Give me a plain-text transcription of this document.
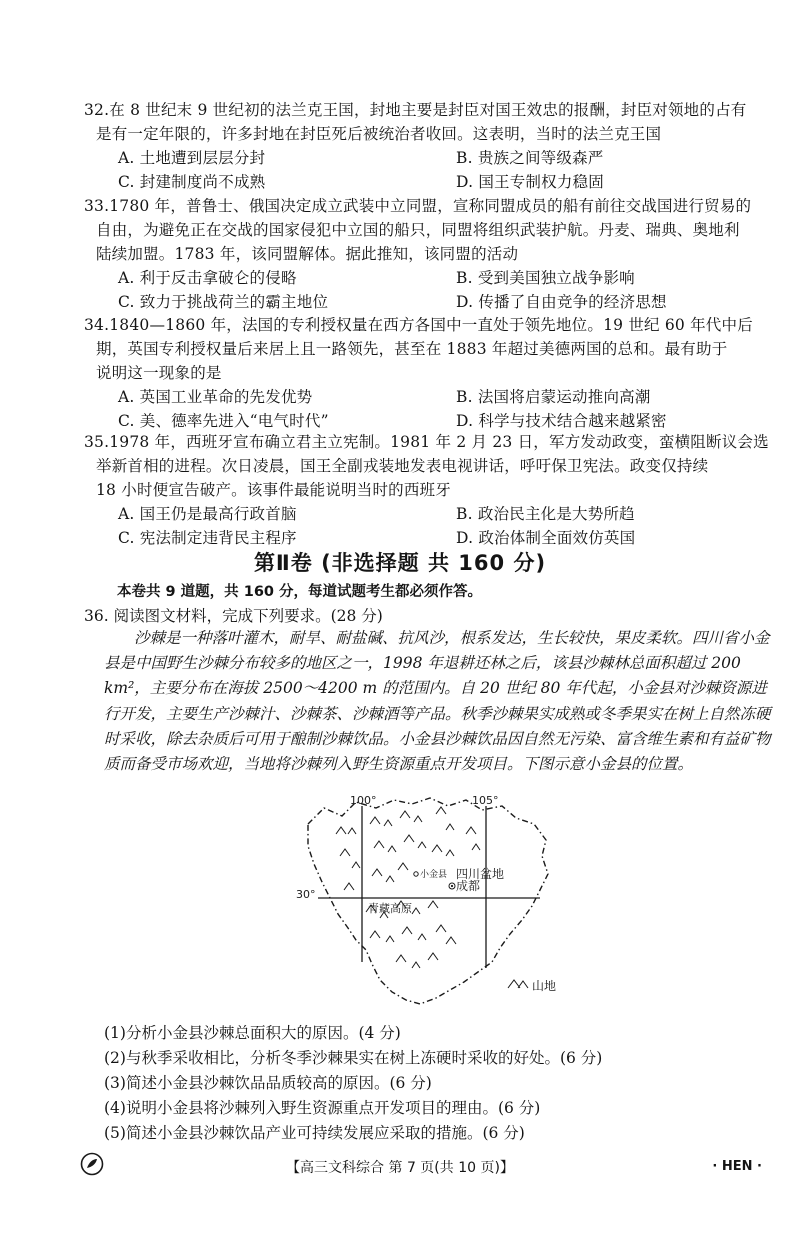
32.在 8 世纪末 9 世纪初的法兰克王国，封地主要是封臣对国王效忠的报酬，封臣对领地的占有

是有一定年限的，许多封地在封臣死后被统治者收回。这表明，当时的法兰克王国

A. 土地遭到层层分封	B. 贵族之间等级森严
C. 封建制度尚不成熟	D. 国王专制权力稳固

33.1780 年，普鲁士、俄国决定成立武装中立同盟，宣称同盟成员的船有前往交战国进行贸易的

自由，为避免正在交战的国家侵犯中立国的船只，同盟将组织武装护航。丹麦、瑞典、奥地利

陆续加盟。1783 年，该同盟解体。据此推知，该同盟的活动

A. 利于反击拿破仑的侵略	B. 受到美国独立战争影响
C. 致力于挑战荷兰的霸主地位	D. 传播了自由竞争的经济思想

34.1840—1860 年，法国的专利授权量在西方各国中一直处于领先地位。19 世纪 60 年代中后

期，英国专利授权量后来居上且一路领先，甚至在 1883 年超过美德两国的总和。最有助于

说明这一现象的是

A. 英国工业革命的先发优势	B. 法国将启蒙运动推向高潮
C. 美、德率先进入“电气时代”	D. 科学与技术结合越来越紧密

35.1978 年，西班牙宣布确立君主立宪制。1981 年 2 月 23 日，军方发动政变，蛮横阻断议会选

举新首相的进程。次日凌晨，国王全副戎装地发表电视讲话，呼吁保卫宪法。政变仅持续

18 小时便宣告破产。该事件最能说明当时的西班牙

A. 国王仍是最高行政首脑	B. 政治民主化是大势所趋
C. 宪法制定违背民主程序	D. 政治体制全面效仿英国
第Ⅱ卷 (非选择题 共 160 分)
本卷共 9 道题，共 160 分，每道试题考生都必须作答。
36. 阅读图文材料，完成下列要求。(28 分)

沙棘是一种落叶灌木，耐旱、耐盐碱、抗风沙，根系发达，生长较快，果皮柔软。四川省小金县是中国野生沙棘分布较多的地区之一，1998 年退耕还林之后，该县沙棘林总面积超过 200 km²，主要分布在海拔 2500～4200 m 的范围内。自 20 世纪 80 年代起，小金县对沙棘资源进行开发，主要生产沙棘汁、沙棘茶、沙棘酒等产品。秋季沙棘果实成熟或冬季果实在树上自然冻硬时采收，除去杂质后可用于酿制沙棘饮品。小金县沙棘饮品因自然无污染、富含维生素和有益矿物质而备受市场欢迎，当地将沙棘列入野生资源重点开发项目。下图示意小金县的位置。

100°	105°
30°
小金县 四川盆地
成都
青藏高原
山地
(1)分析小金县沙棘总面积大的原因。(4 分)
(2)与秋季采收相比，分析冬季沙棘果实在树上冻硬时采收的好处。(6 分)
(3)简述小金县沙棘饮品品质较高的原因。(6 分)
(4)说明小金县将沙棘列入野生资源重点开发项目的理由。(6 分)
(5)简述小金县沙棘饮品产业可持续发展应采取的措施。(6 分)
【高三文科综合 第 7 页(共 10 页)】	· HEN ·
